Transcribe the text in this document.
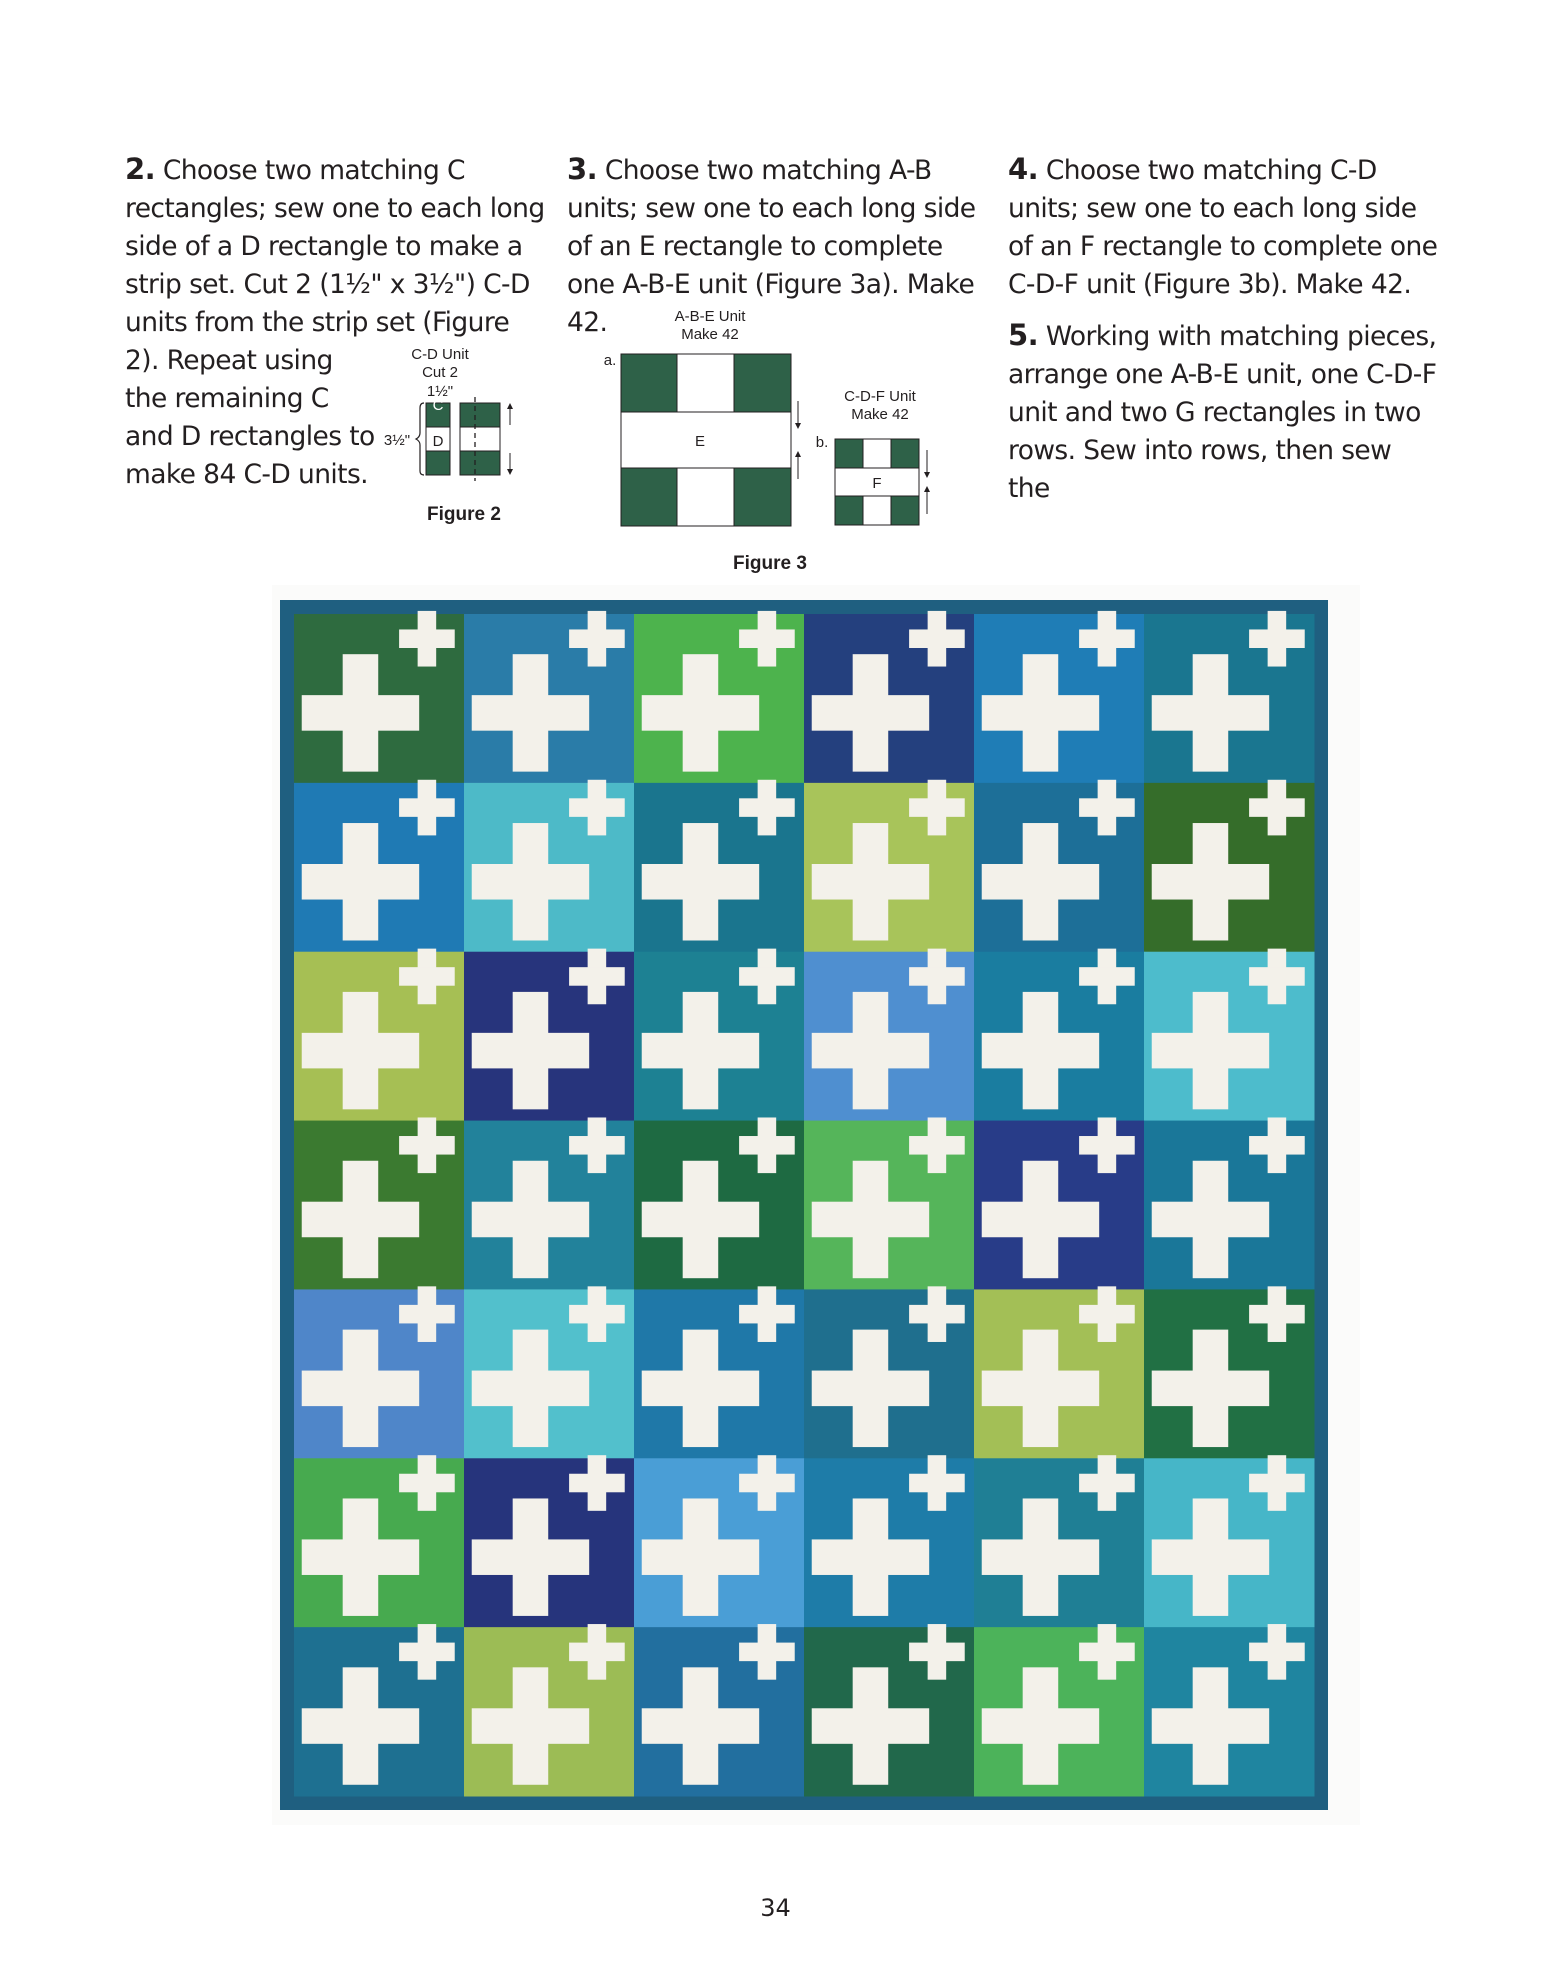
2. Choose two matching C rectangles; sew one to each long side of a D rectangle to make a strip set. Cut 2 (1½" x 3½") C-D units from the strip set (Figure 2). Repeat using

the remaining C and D rectangles to make 84 C-D units.

3. Choose two matching A-B units; sew one to each long side of an E rectangle to complete one A-B-E unit (Figure 3a). Make 42.

4. Choose two matching C-D units; sew one to each long side of an F rectangle to complete one C-D-F unit (Figure 3b). Make 42.

5. Working with matching pieces, arrange one A-B-E unit, one C-D-F unit and two G rectangles in two rows. Sew into rows, then sew the

C-D Unit
Cut 2
1½"
3½"
C
D
Figure 2
A-B-E Unit
Make 42
a.
E
C-D-F Unit
Make 42
b.
F
Figure 3
34
